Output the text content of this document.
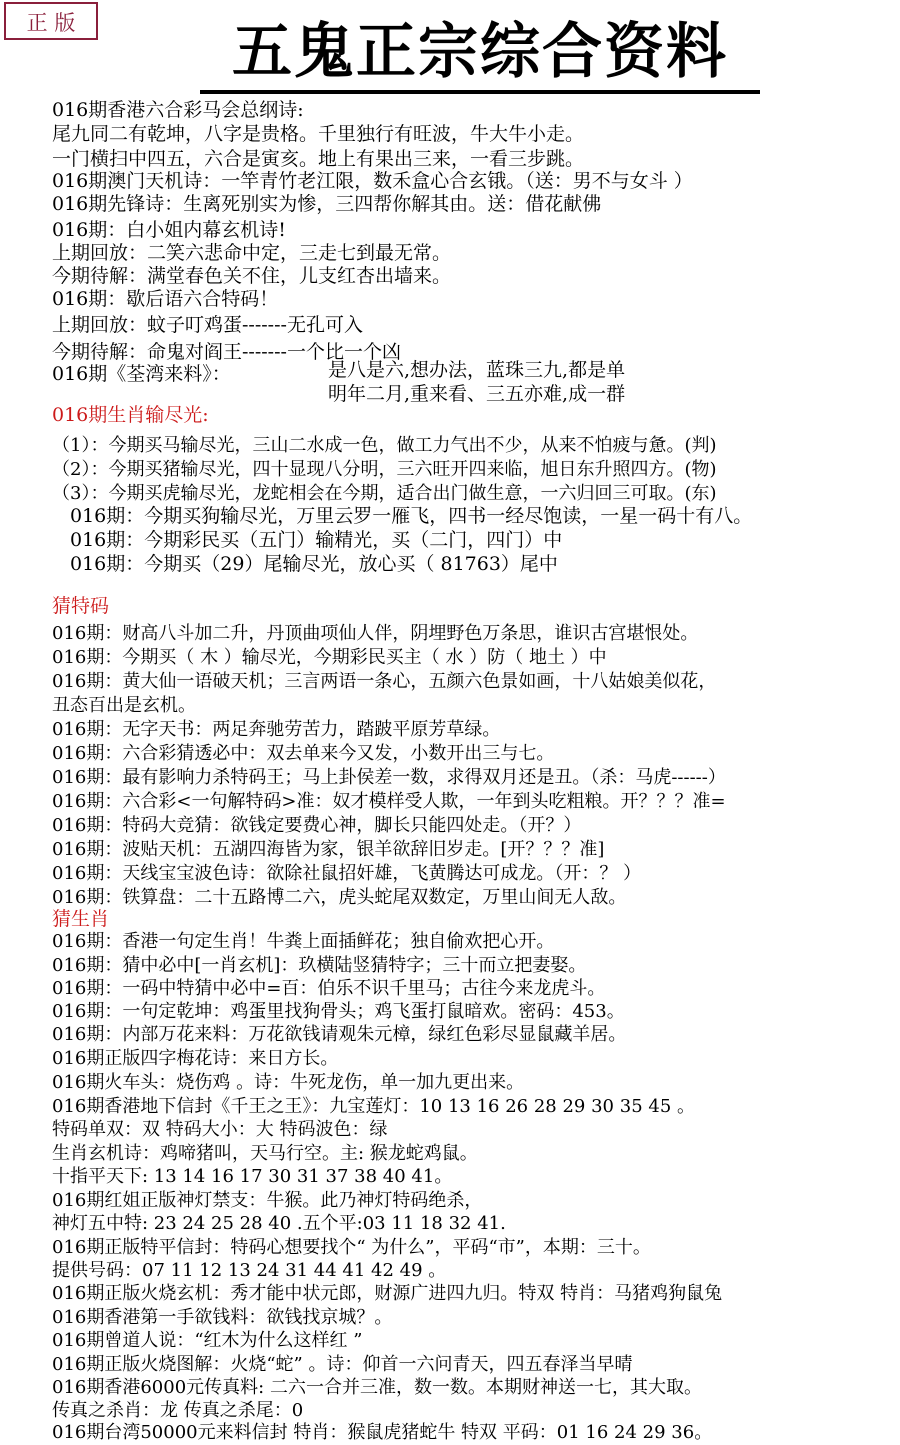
正 版	五鬼正宗综合资料
016期香港六合彩马会总纲诗:
尾九同二有乾坤，八字是贵格。千里独行有旺波，牛大牛小走。
一门横扫中四五，六合是寅亥。地上有果出三来，一看三步跳。
016期澳门天机诗：一竿青竹老江限，数禾盒心合玄锇。（送：男不与女斗 ）
016期先锋诗：生离死别实为惨，三四帮你解其由。送：借花献佛
016期：白小姐内幕玄机诗!
上期回放：二笑六悲命中定，三走七到最无常。
今期待解：满堂春色关不住，儿支红杏出墙来。
016期：歇后语六合特码！
上期回放：蚊子叮鸡蛋-------无孔可入
今期待解：命鬼对阎王-------一个比一个凶
016期《荃湾来料》：	是八是六,想办法，蓝珠三九,都是单
明年二月,重来看、三五亦难,成一群
016期生肖输尽光:
（1）：今期买马输尽光，三山二水成一色，做工力气出不少，从来不怕疲与惫。(判)
（2）：今期买猪输尽光，四十显现八分明，三六旺开四来临，旭日东升照四方。(物)
（3）：今期买虎输尽光，龙蛇相会在今期，适合出门做生意，一六归回三可取。(东)
016期：今期买狗输尽光，万里云罗一雁飞，四书一经尽饱读，一星一码十有八。
016期：今期彩民买（五门）输精光，买（二门，四门）中
016期：今期买（29）尾输尽光，放心买（ 81763）尾中
猜特码
016期：财高八斗加二升，丹顶曲项仙人伴，阴埋野色万条思，谁识古宫堪恨处。
016期：今期买（ 木 ）输尽光，今期彩民买主（ 水 ）防（ 地土 ）中
016期：黄大仙一语破天机；三言两语一条心，五颜六色景如画，十八姑娘美似花，
丑态百出是玄机。
016期：无字天书：两足奔驰劳苦力，踏跛平原芳草绿。
016期：六合彩猜透必中：双去单来今又发，小数开出三与七。
016期：最有影响力杀特码王；马上卦侯差一数，求得双月还是丑。（杀：马虎------）
016期：六合彩<一句解特码>准：奴才模样受人欺，一年到头吃粗粮。开？？？准=
016期：特码大竞猜：欲钱定要费心神，脚长只能四处走。（开？）
016期：波贴天机：五湖四海皆为家，银羊欲辞旧岁走。[开？？？准]
016期：天线宝宝波色诗：欲除社鼠招奸雄，飞黄腾达可成龙。（开：？ ）
016期：铁算盘：二十五路博二六，虎头蛇尾双数定，万里山间无人敌。
猜生肖
016期：香港一句定生肖！牛粪上面插鲜花；独自偷欢把心开。
016期：猜中必中[一肖玄机]：玖横陆竖猜特字；三十而立把妻娶。
016期：一码中特猜中必中=百：伯乐不识千里马；古往今来龙虎斗。
016期：一句定乾坤：鸡蛋里找狗骨头；鸡飞蛋打鼠暗欢。密码：453。
016期：内部万花来料：万花欲钱请观朱元樟，绿红色彩尽显鼠藏羊居。
016期正版四字梅花诗：来日方长。
016期火车头：烧伤鸡 。诗：牛死龙伤，单一加九更出来。
016期香港地下信封《千王之王》：九宝莲灯：10 13 16 26 28 29 30 35 45 。
特码单双：双 特码大小：大 特码波色：绿
生肖玄机诗：鸡啼猪叫，天马行空。主: 猴龙蛇鸡鼠。
十指平天下: 13 14 16 17 30 31 37 38 40 41。
016期红姐正版神灯禁支：牛猴。此乃神灯特码绝杀，
神灯五中特: 23 24 25 28 40 .五个平:03 11 18 32 41.
016期正版特平信封：特码心想要找个“ 为什么”，平码“市”，本期：三十。
提供号码：07 11 12 13 24 31 44 41 42 49 。
016期正版火烧玄机：秀才能中状元郎，财源广进四九归。特双 特肖：马猪鸡狗鼠兔
016期香港第一手欲钱料：欲钱找京城？。
016期曾道人说：“红木为什么这样红 ”
016期正版火烧图解：火烧“蛇” 。诗：仰首一六问青天，四五春泽当早晴
016期香港6000元传真料: 二六一合并三准，数一数。本期财神送一七，其大取。
传真之杀肖：龙 传真之杀尾：0
016期台湾50000元来料信封 特肖：猴鼠虎猪蛇牛 特双 平码：01 16 24 29 36。
